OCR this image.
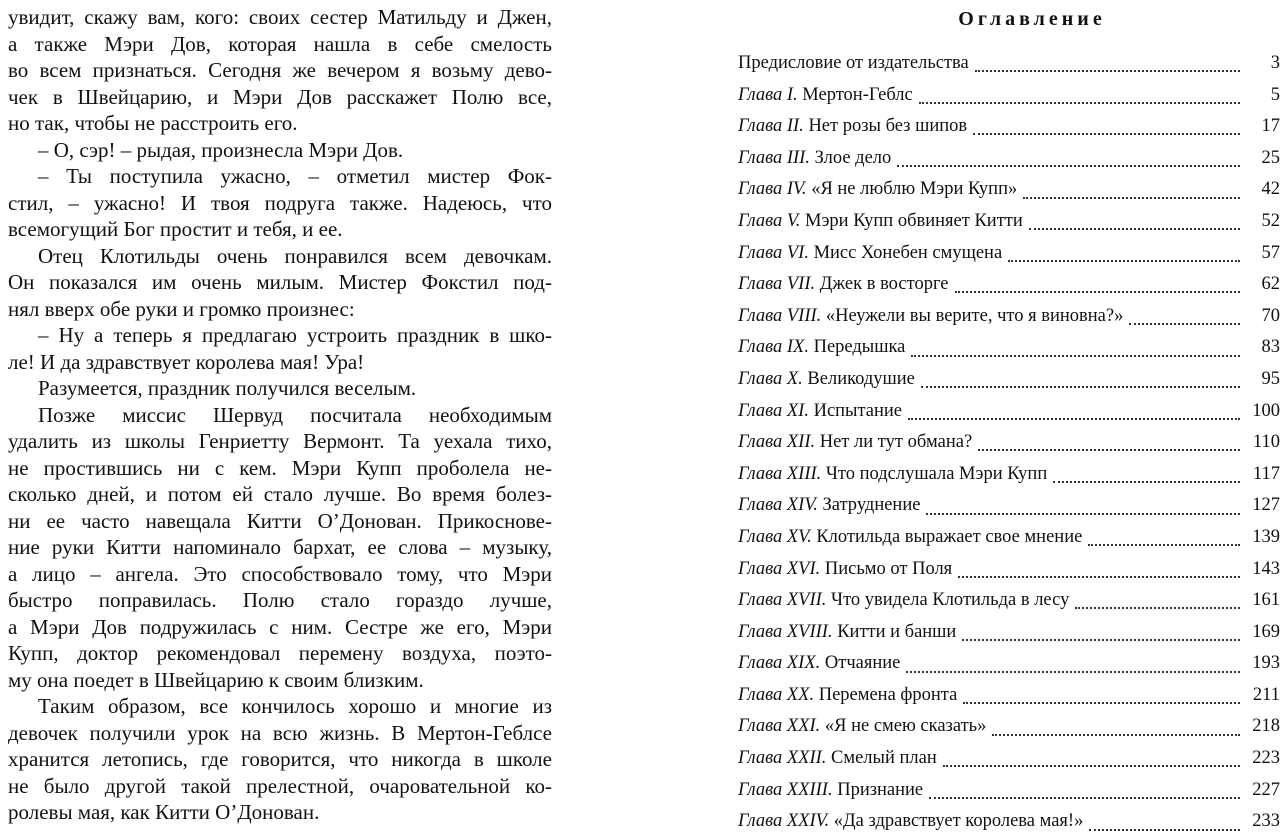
увидит, скажу вам, кого: своих сестер Матильду и Джен,
а также Мэри Дов, которая нашла в себе смелость
во всем признаться. Сегодня же вечером я возьму дево-
чек в Швейцарию, и Мэри Дов расскажет Полю все,
но так, чтобы не расстроить его.
– О, сэр! – рыдая, произнесла Мэри Дов.
– Ты поступила ужасно, – отметил мистер Фок-
стил, – ужасно! И твоя подруга также. Надеюсь, что
всемогущий Бог простит и тебя, и ее.
Отец Клотильды очень понравился всем девочкам.
Он показался им очень милым. Мистер Фокстил под-
нял вверх обе руки и громко произнес:
– Ну а теперь я предлагаю устроить праздник в шко-
ле! И да здравствует королева мая! Ура!
Разумеется, праздник получился веселым.
Позже миссис Шервуд посчитала необходимым
удалить из школы Генриетту Вермонт. Та уехала тихо,
не простившись ни с кем. Мэри Купп проболела не-
сколько дней, и потом ей стало лучше. Во время болез-
ни ее часто навещала Китти О’Донован. Прикоснове-
ние руки Китти напоминало бархат, ее слова – музыку,
а лицо – ангела. Это способствовало тому, что Мэри
быстро поправилась. Полю стало гораздо лучше,
а Мэри Дов подружилась с ним. Сестре же его, Мэри
Купп, доктор рекомендовал перемену воздуха, поэто-
му она поедет в Швейцарию к своим близким.
Таким образом, все кончилось хорошо и многие из
девочек получили урок на всю жизнь. В Мертон-Геблсе
хранится летопись, где говорится, что никогда в школе
не было другой такой прелестной, очаровательной ко-
ролевы мая, как Китти О’Донован.
Оглавление
Предисловие от издательства	3
Глава I. Мертон-Геблс	5
Глава II. Нет розы без шипов	17
Глава III. Злое дело	25
Глава IV. «Я не люблю Мэри Купп»	42
Глава V. Мэри Купп обвиняет Китти	52
Глава VI. Мисс Хонебен смущена	57
Глава VII. Джек в восторге	62
Глава VIII. «Неужели вы верите, что я виновна?»	70
Глава IX. Передышка	83
Глава X. Великодушие	95
Глава XI. Испытание	100
Глава XII. Нет ли тут обмана?	110
Глава XIII. Что подслушала Мэри Купп	117
Глава XIV. Затруднение	127
Глава XV. Клотильда выражает свое мнение	139
Глава XVI. Письмо от Поля	143
Глава XVII. Что увидела Клотильда в лесу	161
Глава XVIII. Китти и банши	169
Глава XIX. Отчаяние	193
Глава XX. Перемена фронта	211
Глава XXI. «Я не смею сказать»	218
Глава XXII. Смелый план	223
Глава XXIII. Признание	227
Глава XXIV. «Да здравствует королева мая!»	233
